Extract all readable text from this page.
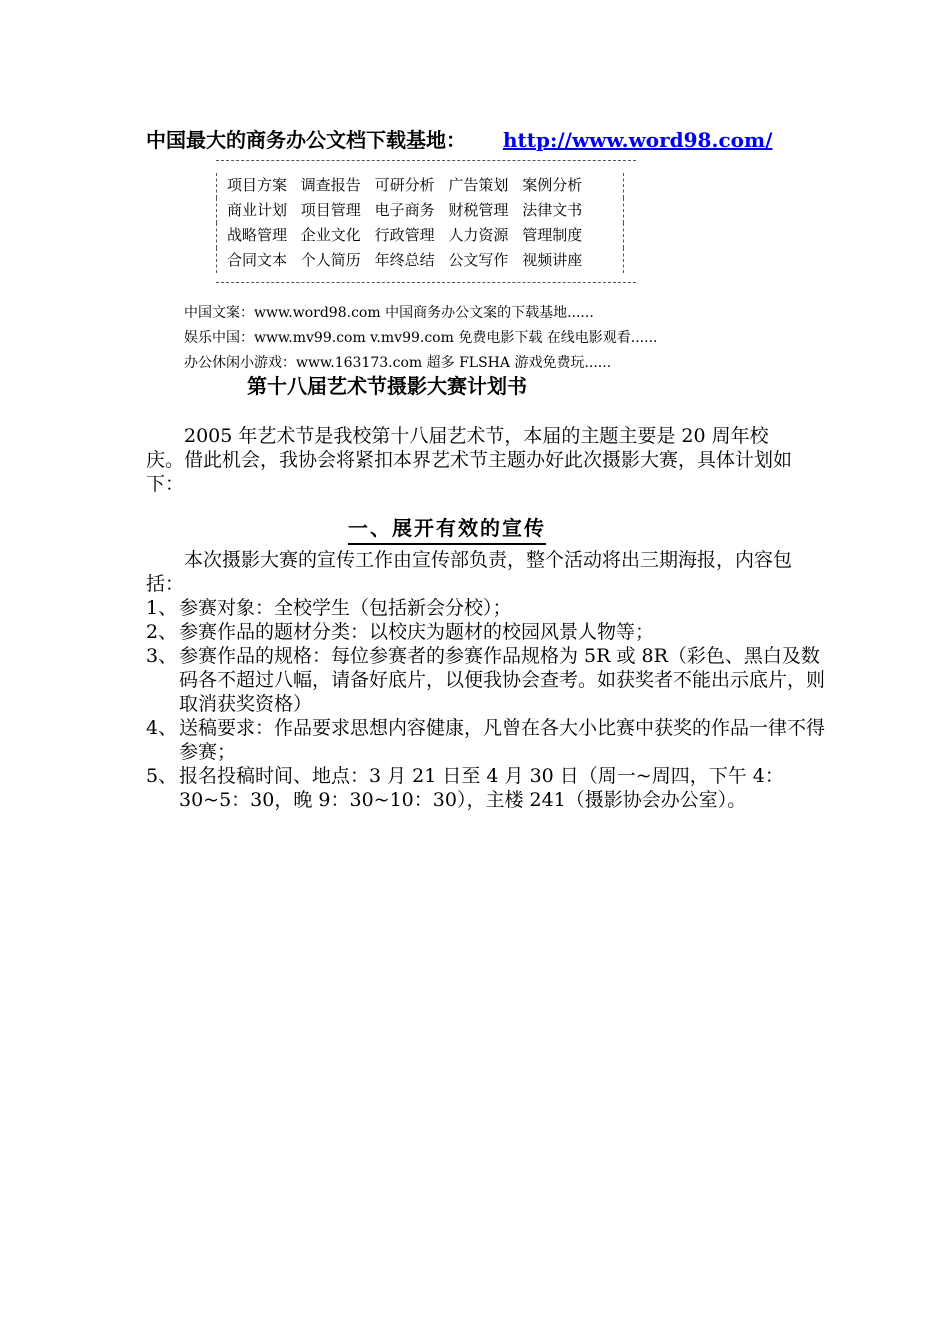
中国最大的商务办公文档下载基地： http://www.word98.com/
项目方案 调查报告 可研分析 广告策划 案例分析
商业计划 项目管理 电子商务 财税管理 法律文书
战略管理 企业文化 行政管理 人力资源 管理制度
合同文本 个人简历 年终总结 公文写作 视频讲座
中国文案：www.word98.com 中国商务办公文案的下载基地......
娱乐中国：www.mv99.com v.mv99.com 免费电影下载 在线电影观看......
办公休闲小游戏：www.163173.com 超多 FLSHA 游戏免费玩......
第十八届艺术节摄影大赛计划书

2005 年艺术节是我校第十八届艺术节，本届的主题主要是 20 周年校庆。借此机会，我协会将紧扣本界艺术节主题办好此次摄影大赛，具体计划如下：

一、展开有效的宣传

本次摄影大赛的宣传工作由宣传部负责，整个活动将出三期海报，内容包括：

1、 参赛对象：全校学生（包括新会分校）；
2、 参赛作品的题材分类：以校庆为题材的校园风景人物等；
3、 参赛作品的规格：每位参赛者的参赛作品规格为 5R 或 8R（彩色、黑白及数码各不超过八幅，请备好底片，以便我协会查考。如获奖者不能出示底片，则取消获奖资格）
4、 送稿要求：作品要求思想内容健康，凡曾在各大小比赛中获奖的作品一律不得参赛；
5、 报名投稿时间、地点：3 月 21 日至 4 月 30 日（周一~周四，下午 4：30~5：30，晚 9：30~10：30），主楼 241（摄影协会办公室）。
